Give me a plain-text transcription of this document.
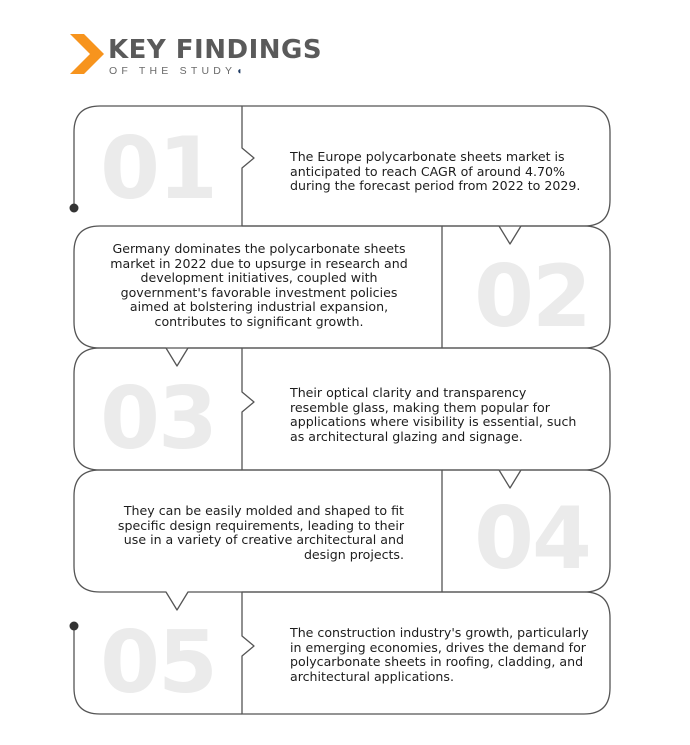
KEY FINDINGS
OF THE STUDY◖
01
02
03
04
05
The Europe polycarbonate sheets market is anticipated to reach CAGR of around 4.70% during the forecast period from 2022 to 2029.
Germany dominates the polycarbonate sheets market in 2022 due to upsurge in research and development initiatives, coupled with government's favorable investment policies aimed at bolstering industrial expansion, contributes to significant growth.
Their optical clarity and transparency resemble glass, making them popular for applications where visibility is essential, such as architectural glazing and signage.
They can be easily molded and shaped to fit specific design requirements, leading to their use in a variety of creative architectural and design projects.
The construction industry's growth, particularly in emerging economies, drives the demand for polycarbonate sheets in roofing, cladding, and architectural applications.
